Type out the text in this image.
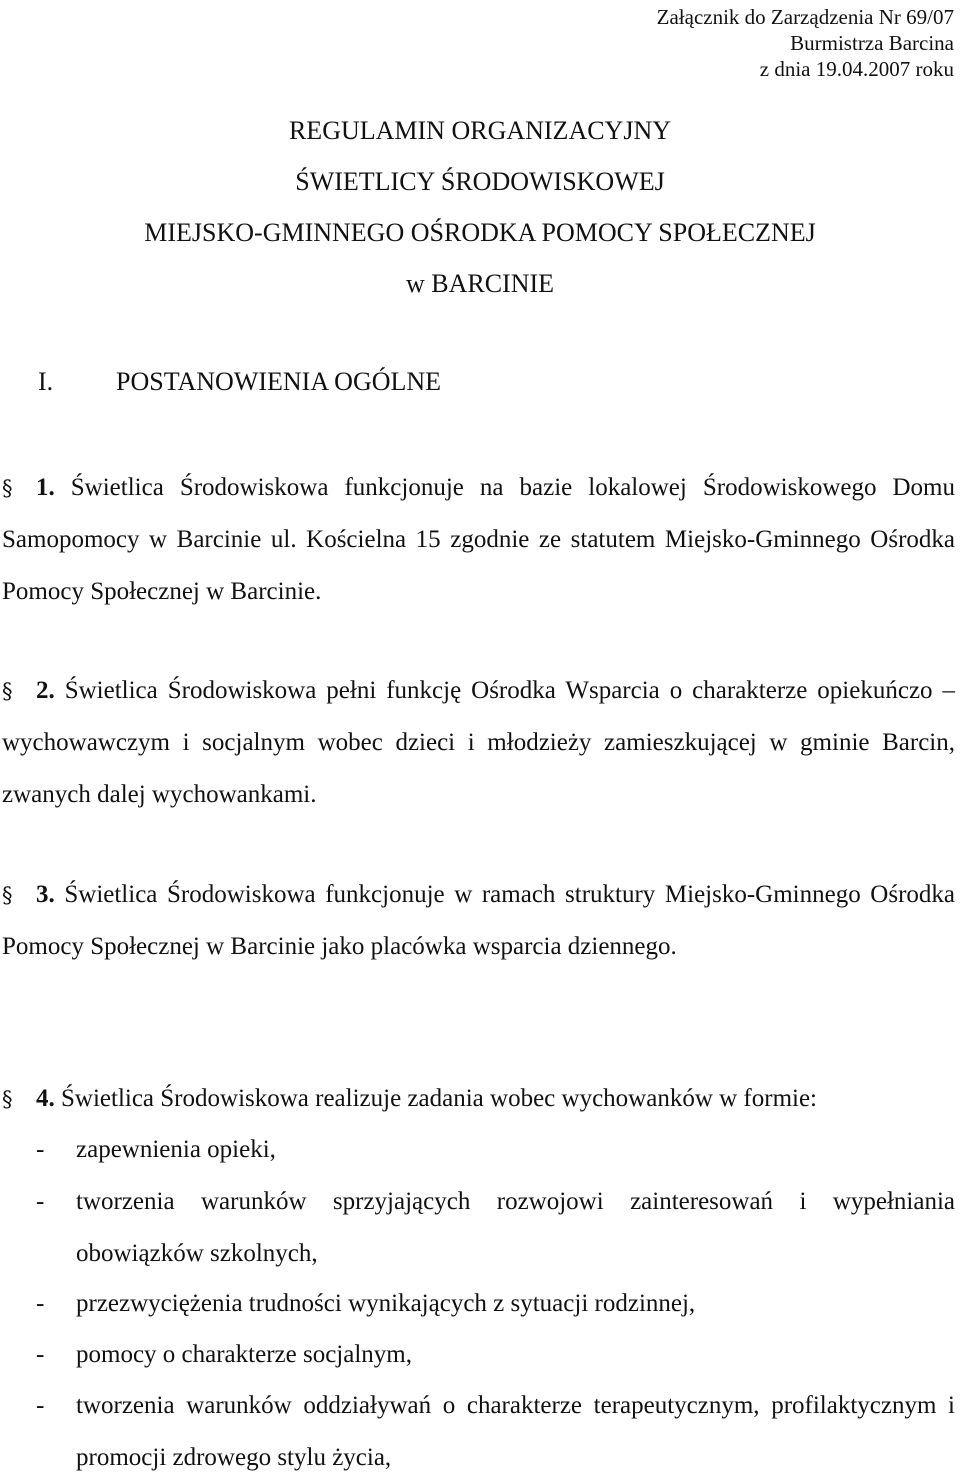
Załącznik do Zarządzenia Nr 69/07
Burmistrza Barcina
z dnia 19.04.2007 roku
REGULAMIN ORGANIZACYJNY
ŚWIETLICY ŚRODOWISKOWEJ
MIEJSKO-GMINNEGO OŚRODKA POMOCY SPOŁECZNEJ
w BARCINIE
I. POSTANOWIENIA OGÓLNE
§ 1. Świetlica Środowiskowa funkcjonuje na bazie lokalowej Środowiskowego Domu Samopomocy w Barcinie ul. Kościelna 15 zgodnie ze statutem Miejsko-Gminnego Ośrodka Pomocy Społecznej w Barcinie.
§ 2. Świetlica Środowiskowa pełni funkcję Ośrodka Wsparcia o charakterze opiekuńczo – wychowawczym i socjalnym wobec dzieci i młodzieży zamieszkującej w gminie Barcin, zwanych dalej wychowankami.
§ 3. Świetlica Środowiskowa funkcjonuje w ramach struktury Miejsko-Gminnego Ośrodka Pomocy Społecznej w Barcinie jako placówka wsparcia dziennego.
§ 4. Świetlica Środowiskowa realizuje zadania wobec wychowanków w formie:
- zapewnienia opieki,
- tworzenia warunków sprzyjających rozwojowi zainteresowań i wypełniania obowiązków szkolnych,
- przezwyciężenia trudności wynikających z sytuacji rodzinnej,
- pomocy o charakterze socjalnym,
- tworzenia warunków oddziaływań o charakterze terapeutycznym, profilaktycznym i promocji zdrowego stylu życia,
